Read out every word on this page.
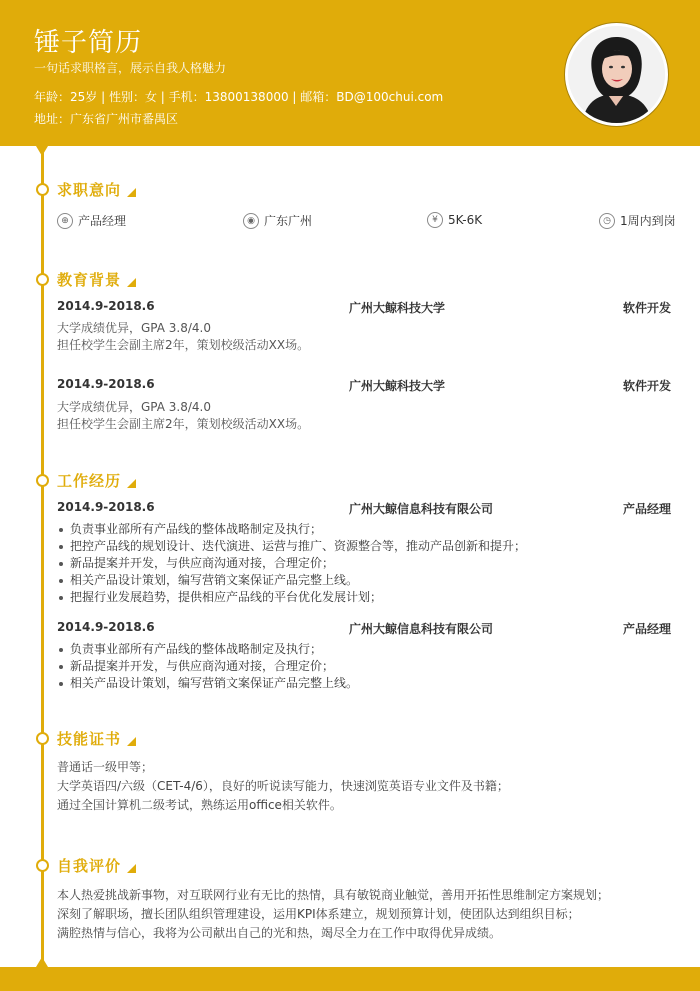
锤子简历
一句话求职格言，展示自我人格魅力
年龄：25岁 | 性别：女 | 手机：13800138000 | 邮箱：BD@100chui.com
地址：广东省广州市番禺区
求职意向
⊕ 产品经理	◉ 广东广州	¥ 5K-6K	◷ 1周内到岗
教育背景
2014.9-2018.6	广州大鲸科技大学	软件开发
大学成绩优异，GPA 3.8/4.0
担任校学生会副主席2年，策划校级活动XX场。
2014.9-2018.6	广州大鲸科技大学	软件开发
大学成绩优异，GPA 3.8/4.0
担任校学生会副主席2年，策划校级活动XX场。
工作经历
2014.9-2018.6	广州大鲸信息科技有限公司	产品经理
负责事业部所有产品线的整体战略制定及执行；
把控产品线的规划设计、迭代演进、运营与推广、资源整合等，推动产品创新和提升；
新品提案并开发，与供应商沟通对接，合理定价；
相关产品设计策划，编写营销文案保证产品完整上线。
把握行业发展趋势，提供相应产品线的平台优化发展计划；
2014.9-2018.6	广州大鲸信息科技有限公司	产品经理
负责事业部所有产品线的整体战略制定及执行；
新品提案并开发，与供应商沟通对接，合理定价；
相关产品设计策划，编写营销文案保证产品完整上线。
技能证书
普通话一级甲等；
大学英语四/六级（CET-4/6），良好的听说读写能力，快速浏览英语专业文件及书籍；
通过全国计算机二级考试，熟练运用office相关软件。
自我评价
本人热爱挑战新事物，对互联网行业有无比的热情，具有敏锐商业触觉，善用开拓性思维制定方案规划；
深刻了解职场，擅长团队组织管理建设，运用KPI体系建立，规划预算计划，使团队达到组织目标；
满腔热情与信心，我将为公司献出自己的光和热，竭尽全力在工作中取得优异成绩。
